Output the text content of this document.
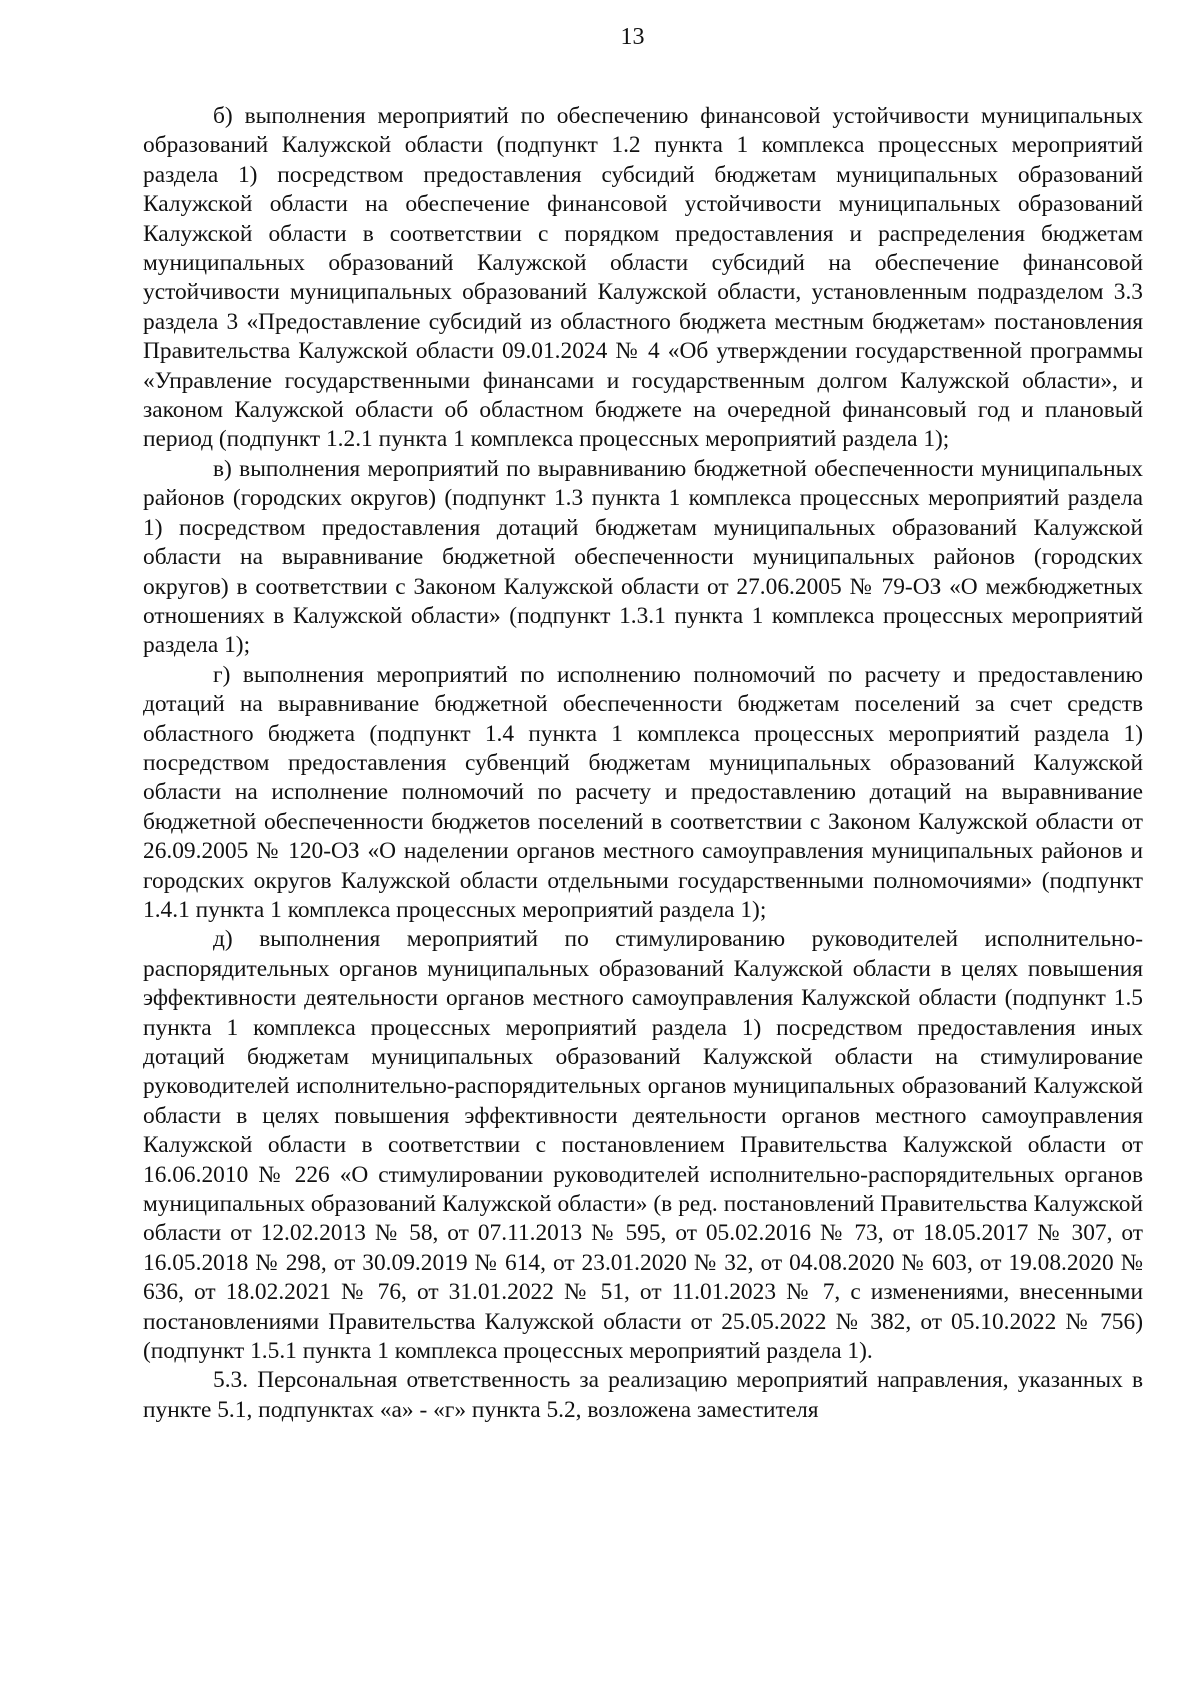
13

б) выполнения мероприятий по обеспечению финансовой устойчивости муниципальных образований Калужской области (подпункт 1.2 пункта 1 комплекса процессных мероприятий раздела 1) посредством предоставления субсидий бюджетам муниципальных образований Калужской области на обеспечение финансовой устойчивости муниципальных образований Калужской области в соответствии с порядком предоставления и распределения бюджетам муниципальных образований Калужской области субсидий на обеспечение финансовой устойчивости муниципальных образований Калужской области, установленным подразделом 3.3 раздела 3 «Предоставление субсидий из областного бюджета местным бюджетам» постановления Правительства Калужской области 09.01.2024 № 4 «Об утверждении государственной программы «Управление государственными финансами и государственным долгом Калужской области», и законом Калужской области об областном бюджете на очередной финансовый год и плановый период (подпункт 1.2.1 пункта 1 комплекса процессных мероприятий раздела 1);

в) выполнения мероприятий по выравниванию бюджетной обеспеченности муниципальных районов (городских округов) (подпункт 1.3 пункта 1 комплекса процессных мероприятий раздела 1) посредством предоставления дотаций бюджетам муниципальных образований Калужской области на выравнивание бюджетной обеспеченности муниципальных районов (городских округов) в соответствии с Законом Калужской области от 27.06.2005 № 79-ОЗ «О межбюджетных отношениях в Калужской области» (подпункт 1.3.1 пункта 1 комплекса процессных мероприятий раздела 1);

г) выполнения мероприятий по исполнению полномочий по расчету и предоставлению дотаций на выравнивание бюджетной обеспеченности бюджетам поселений за счет средств областного бюджета (подпункт 1.4 пункта 1 комплекса процессных мероприятий раздела 1) посредством предоставления субвенций бюджетам муниципальных образований Калужской области на исполнение полномочий по расчету и предоставлению дотаций на выравнивание бюджетной обеспеченности бюджетов поселений в соответствии с Законом Калужской области от 26.09.2005 № 120-ОЗ «О наделении органов местного самоуправления муниципальных районов и городских округов Калужской области отдельными государственными полномочиями» (подпункт 1.4.1 пункта 1 комплекса процессных мероприятий раздела 1);

д) выполнения мероприятий по стимулированию руководителей исполнительно-распорядительных органов муниципальных образований Калужской области в целях повышения эффективности деятельности органов местного самоуправления Калужской области (подпункт 1.5 пункта 1 комплекса процессных мероприятий раздела 1) посредством предоставления иных дотаций бюджетам муниципальных образований Калужской области на стимулирование руководителей исполнительно-распорядительных органов муниципальных образований Калужской области в целях повышения эффективности деятельности органов местного самоуправления Калужской области в соответствии с постановлением Правительства Калужской области от 16.06.2010 № 226 «О стимулировании руководителей исполнительно-распорядительных органов муниципальных образований Калужской области» (в ред. постановлений Правительства Калужской области от 12.02.2013 № 58, от 07.11.2013 № 595, от 05.02.2016 № 73, от 18.05.2017 № 307, от 16.05.2018 № 298, от 30.09.2019 № 614, от 23.01.2020 № 32, от 04.08.2020 № 603, от 19.08.2020 № 636, от 18.02.2021 № 76, от 31.01.2022 № 51, от 11.01.2023 № 7, с изменениями, внесенными постановлениями Правительства Калужской области от 25.05.2022 № 382, от 05.10.2022 № 756) (подпункт 1.5.1 пункта 1 комплекса процессных мероприятий раздела 1).

5.3. Персональная ответственность за реализацию мероприятий направления, указанных в пункте 5.1, подпунктах «а» - «г» пункта 5.2, возложена заместителя
